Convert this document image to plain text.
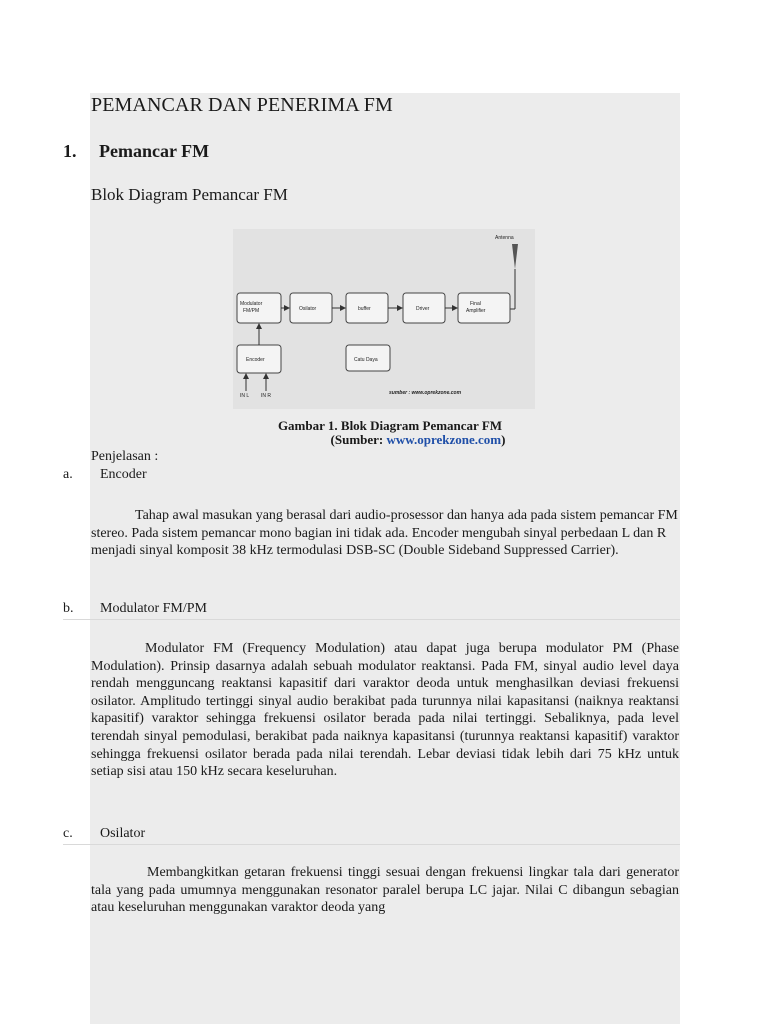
PEMANCAR DAN PENERIMA FM
1. Pemancar FM
Blok Diagram Pemancar FM
Antenna
Modulator
FM/PM	Osilator	buffer	Driver
Final
Amplifier
Encoder
IN L IN R
Catu Daya
sumber : www.oprekzone.com
Gambar 1. Blok Diagram Pemancar FM
(Sumber: www.oprekzone.com)
Penjelasan :
a. Encoder
Tahap awal masukan yang berasal dari audio-prosessor dan hanya ada pada sistem pemancar FM stereo. Pada sistem pemancar mono bagian ini tidak ada. Encoder mengubah sinyal perbedaan L dan R menjadi sinyal komposit 38 kHz termodulasi DSB-SC (Double Sideband Suppressed Carrier).
b. Modulator FM/PM
Modulator FM (Frequency Modulation) atau dapat juga berupa modulator PM (Phase Modulation). Prinsip dasarnya adalah sebuah modulator reaktansi. Pada FM, sinyal audio level daya rendah mengguncang reaktansi kapasitif dari varaktor deoda untuk menghasilkan deviasi frekuensi osilator. Amplitudo tertinggi sinyal audio berakibat pada turunnya nilai kapasitansi (naiknya reaktansi kapasitif) varaktor sehingga frekuensi osilator berada pada nilai tertinggi. Sebaliknya, pada level terendah sinyal pemodulasi, berakibat pada naiknya kapasitansi (turunnya reaktansi kapasitif) varaktor sehingga frekuensi osilator berada pada nilai terendah. Lebar deviasi tidak lebih dari 75 kHz untuk setiap sisi atau 150 kHz secara keseluruhan.
c. Osilator
Membangkitkan getaran frekuensi tinggi sesuai dengan frekuensi lingkar tala dari generator tala yang pada umumnya menggunakan resonator paralel berupa LC jajar. Nilai C dibangun sebagian atau keseluruhan menggunakan varaktor deoda yang
